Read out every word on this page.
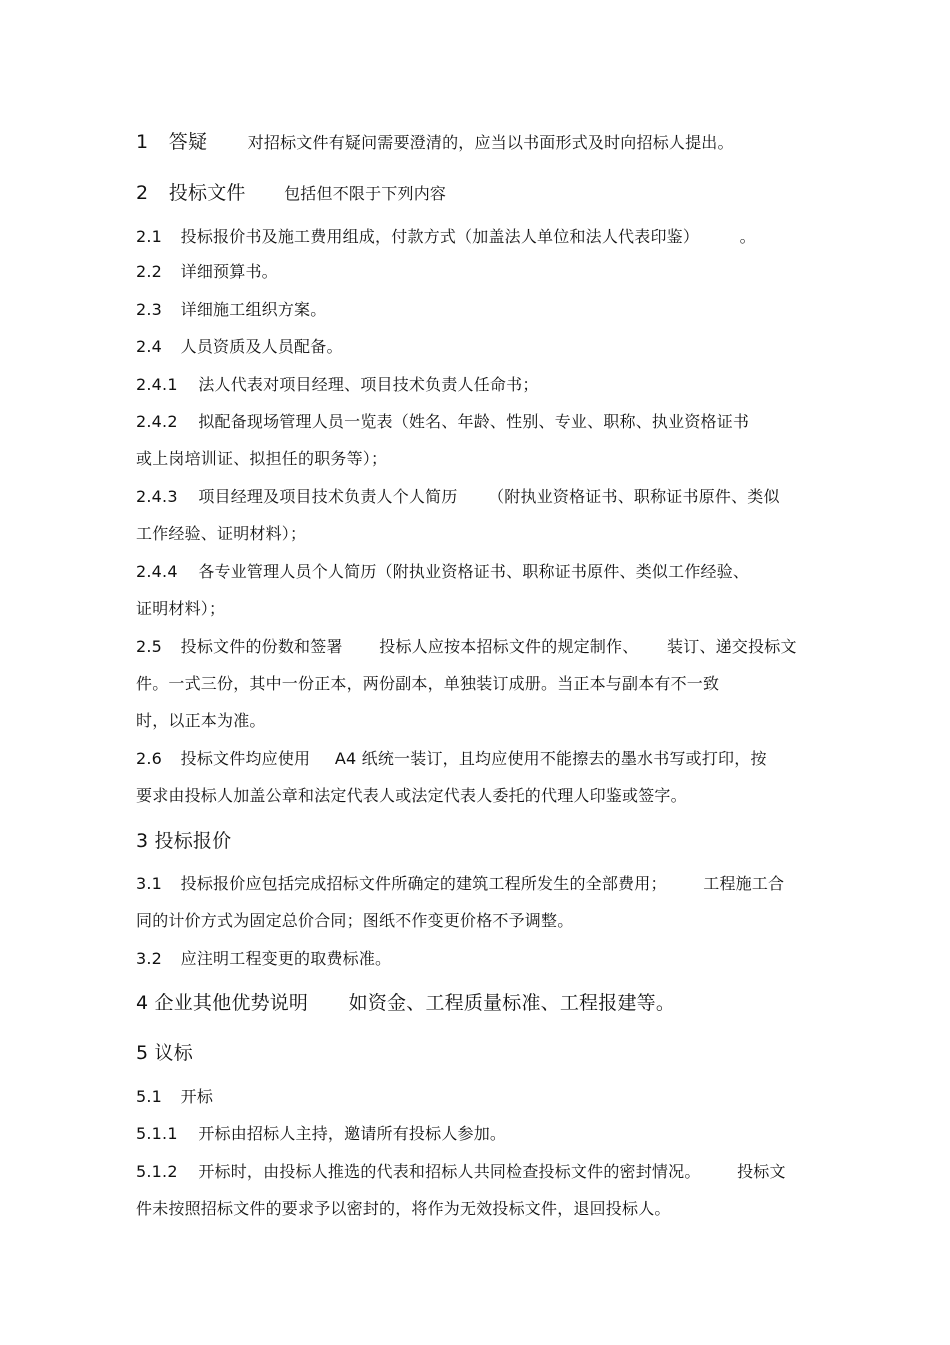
1 答疑	对招标文件有疑问需要澄清的，应当以书面形式及时向招标人提出。
2 投标文件 包括但不限于下列内容
2.1 投标报价书及施工费用组成，付款方式（加盖法人单位和法人代表印鉴）	。
2.2 详细预算书。
2.3 详细施工组织方案。
2.4 人员资质及人员配备。
2.4.1 法人代表对项目经理、项目技术负责人任命书；
2.4.2 拟配备现场管理人员一览表（姓名、年龄、性别、专业、职称、执业资格证书
或上岗培训证、拟担任的职务等）；
2.4.3 项目经理及项目技术负责人个人简历 （附执业资格证书、职称证书原件、类似
工作经验、证明材料）；
2.4.4 各专业管理人员个人简历（附执业资格证书、职称证书原件、类似工作经验、
证明材料）；
2.5 投标文件的份数和签署 投标人应按本招标文件的规定制作、 装订、递交投标文
件。一式三份，其中一份正本，两份副本，单独装订成册。当正本与副本有不一致
时，以正本为准。
2.6 投标文件均应使用 A4 纸统一装订，且均应使用不能擦去的墨水书写或打印，按
要求由投标人加盖公章和法定代表人或法定代表人委托的代理人印鉴或签字。
3 投标报价
3.1 投标报价应包括完成招标文件所确定的建筑工程所发生的全部费用； 工程施工合
同的计价方式为固定总价合同；图纸不作变更价格不予调整。
3.2 应注明工程变更的取费标准。
4 企业其他优势说明 如资金、工程质量标准、工程报建等。
5 议标
5.1 开标
5.1.1 开标由招标人主持，邀请所有投标人参加。
5.1.2 开标时，由投标人推选的代表和招标人共同检查投标文件的密封情况。 投标文
件未按照招标文件的要求予以密封的，将作为无效投标文件，退回投标人。
